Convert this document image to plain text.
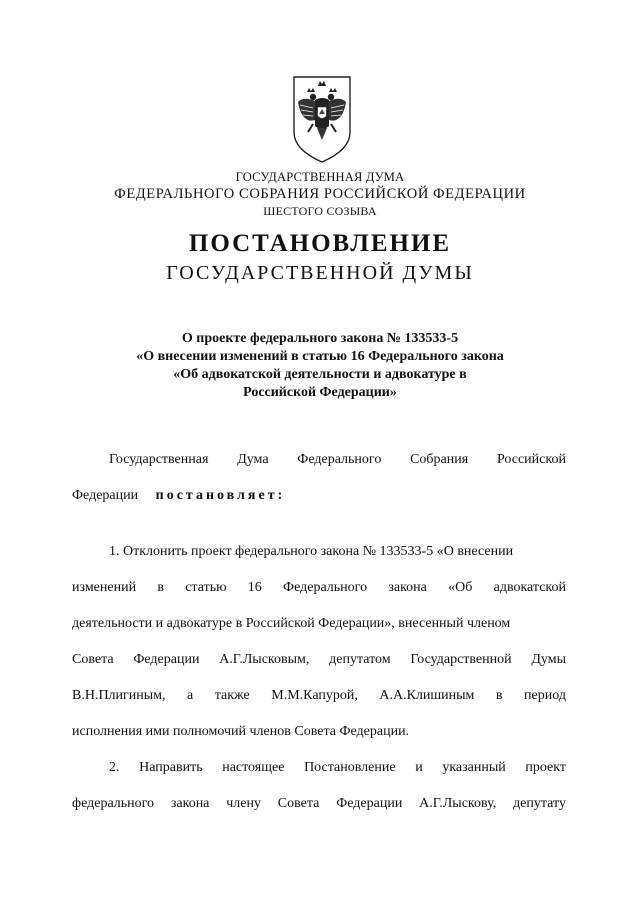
ГОСУДАРСТВЕННАЯ ДУМА
ФЕДЕРАЛЬНОГО СОБРАНИЯ РОССИЙСКОЙ ФЕДЕРАЦИИ
ШЕСТОГО СОЗЫВА
ПОСТАНОВЛЕНИЕ
ГОСУДАРСТВЕННОЙ ДУМЫ
О проекте федерального закона № 133533-5
«О внесении изменений в статью 16 Федерального закона
«Об адвокатской деятельности и адвокатуре в
Российской Федерации»
Государственная Дума Федерального Собрания Российской
Федерации постановляет:
1. Отклонить проект федерального закона № 133533-5 «О внесении
изменений в статью 16 Федерального закона «Об адвокатской
деятельности и адвокатуре в Российской Федерации», внесенный членом
Совета Федерации А.Г.Лысковым, депутатом Государственной Думы
В.Н.Плигиным, а также М.М.Капурой, А.А.Клишиным в период
исполнения ими полномочий членов Совета Федерации.
2. Направить настоящее Постановление и указанный проект
федерального закона члену Совета Федерации А.Г.Лыскову, депутату
